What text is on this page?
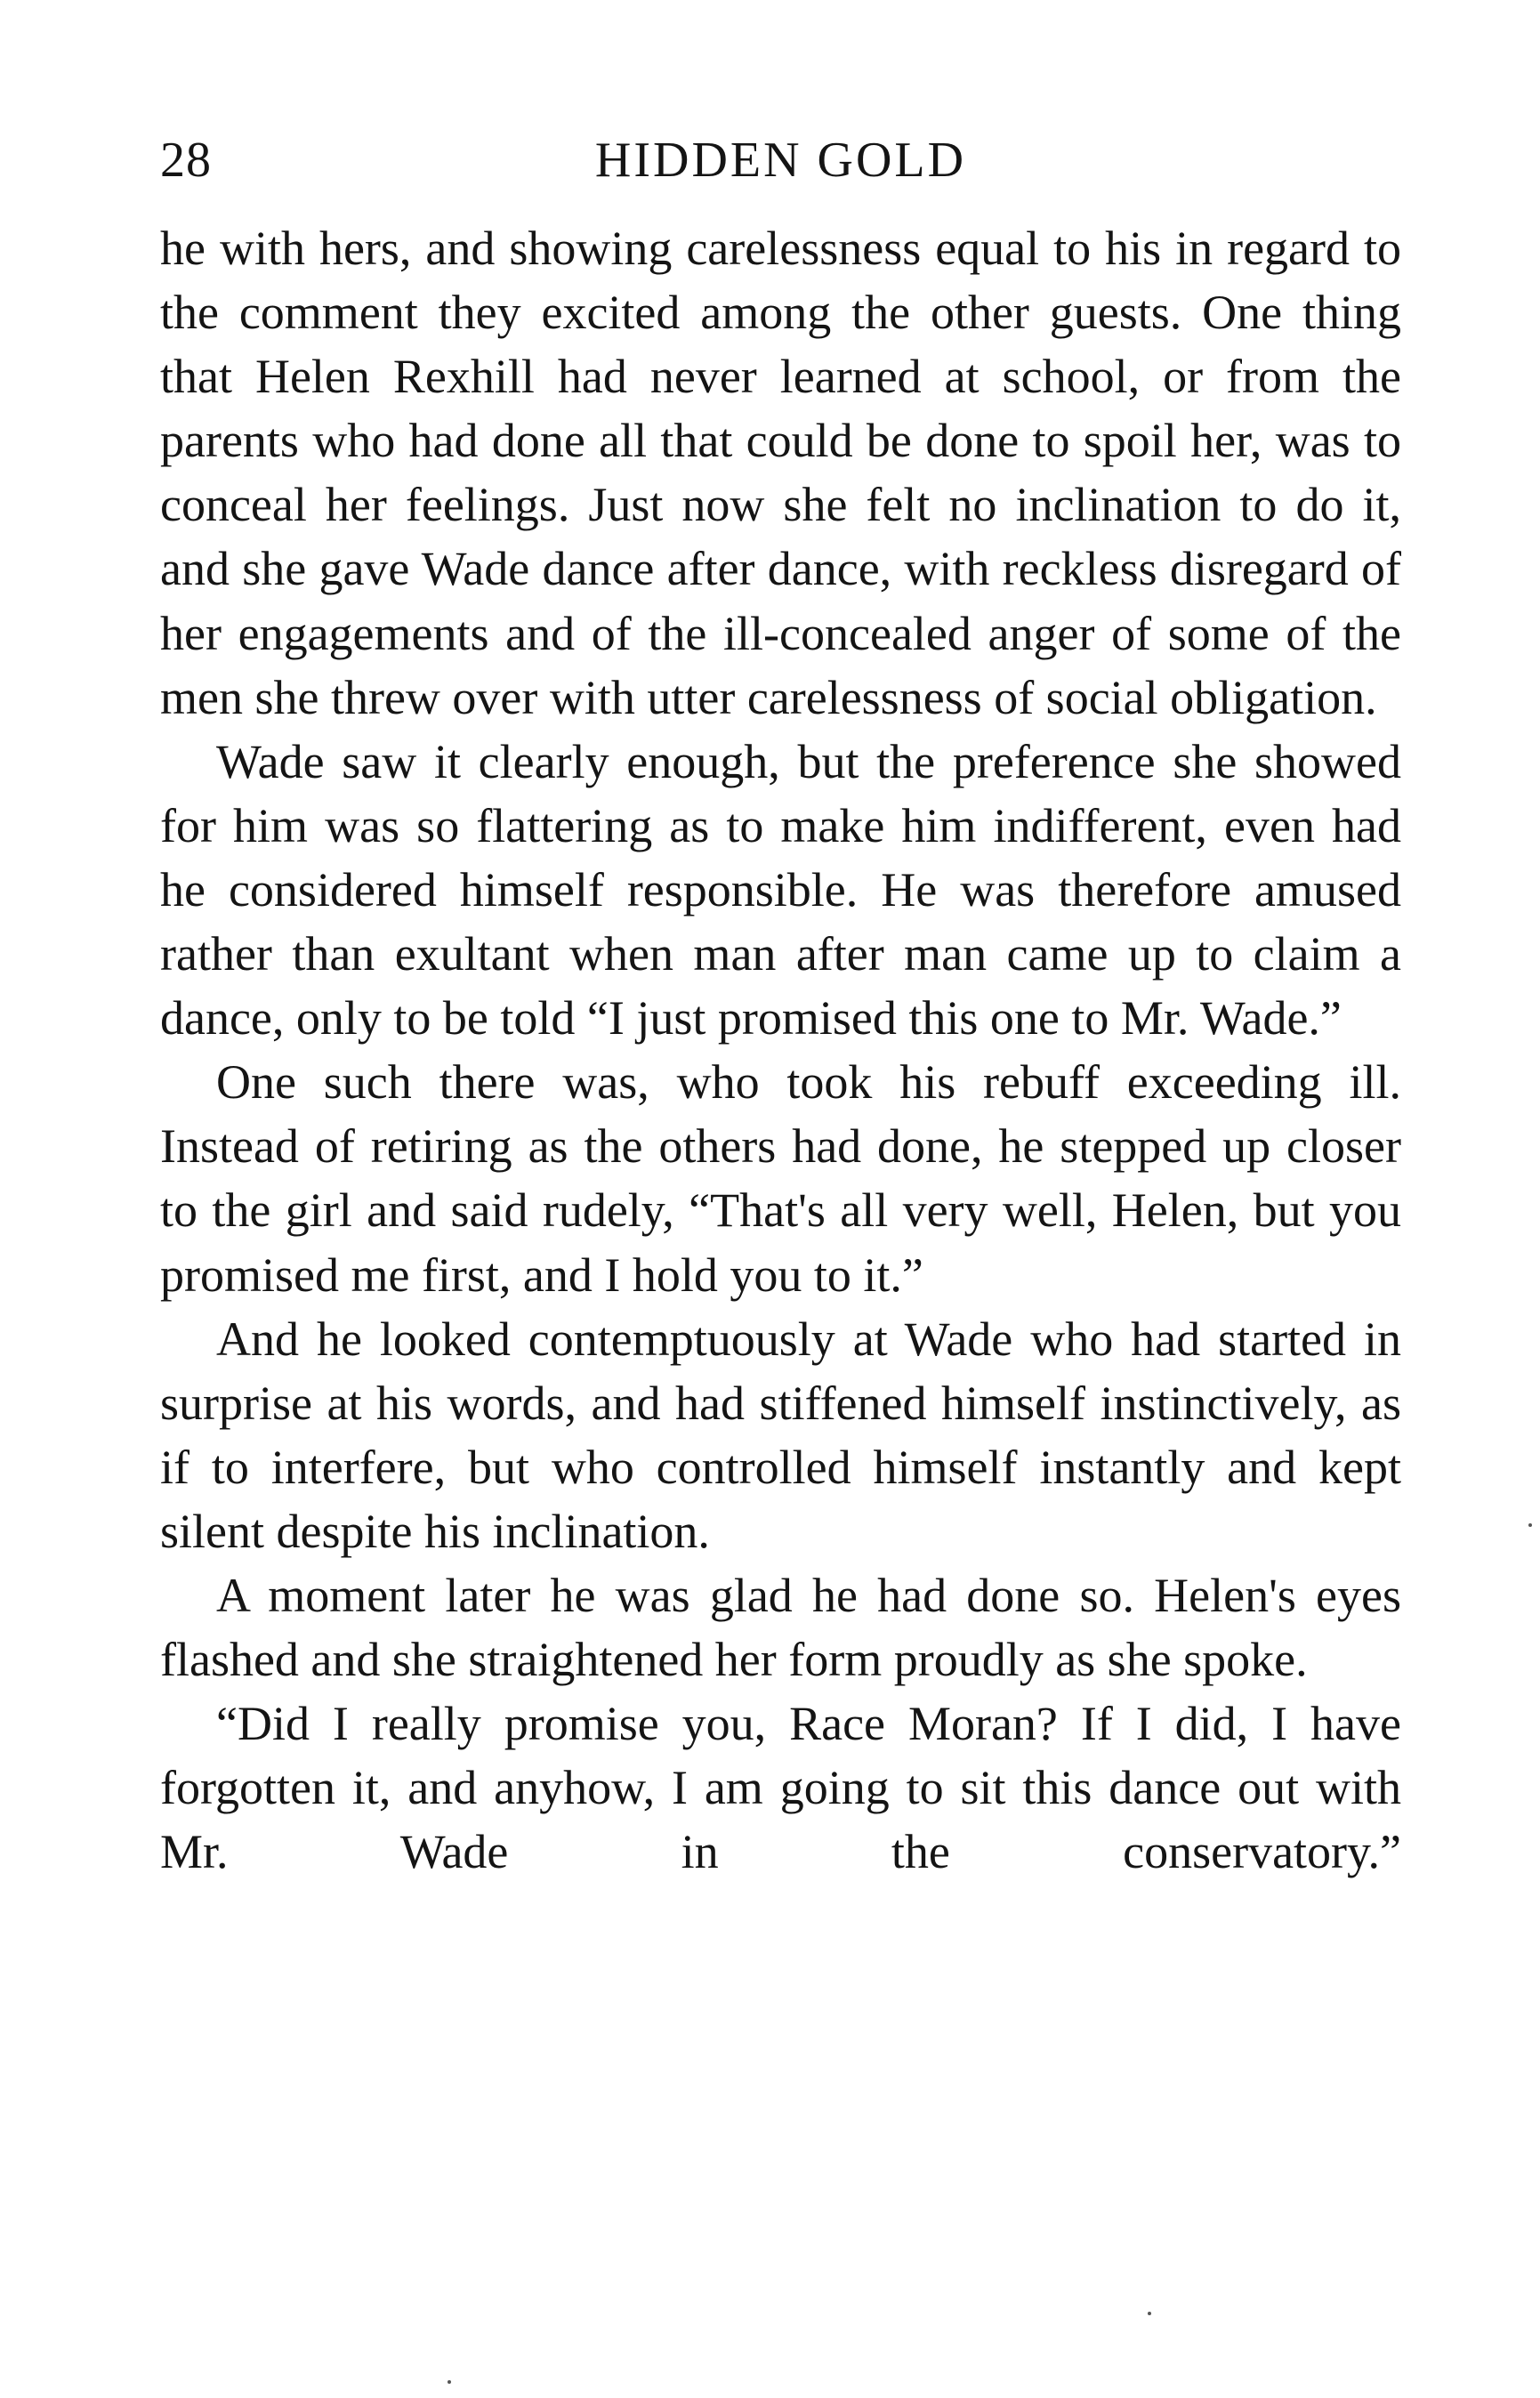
28	HIDDEN GOLD

he with hers, and showing carelessness equal to his in regard to the comment they excited among the other guests. One thing that Helen Rexhill had never learned at school, or from the parents who had done all that could be done to spoil her, was to conceal her feelings. Just now she felt no inclination to do it, and she gave Wade dance after dance, with reckless disregard of her engagements and of the ill-concealed anger of some of the men she threw over with utter carelessness of social obligation.

Wade saw it clearly enough, but the preference she showed for him was so flattering as to make him indifferent, even had he considered himself responsible. He was therefore amused rather than exultant when man after man came up to claim a dance, only to be told “I just promised this one to Mr. Wade.”

One such there was, who took his rebuff exceeding ill. Instead of retiring as the others had done, he stepped up closer to the girl and said rudely, “That's all very well, Helen, but you promised me first, and I hold you to it.”

And he looked contemptuously at Wade who had started in surprise at his words, and had stiffened himself instinctively, as if to interfere, but who controlled himself instantly and kept silent despite his inclination.

A moment later he was glad he had done so. Helen's eyes flashed and she straightened her form proudly as she spoke.

“Did I really promise you, Race Moran? If I did, I have forgotten it, and anyhow, I am going to sit this dance out with Mr. Wade in the conservatory.”
